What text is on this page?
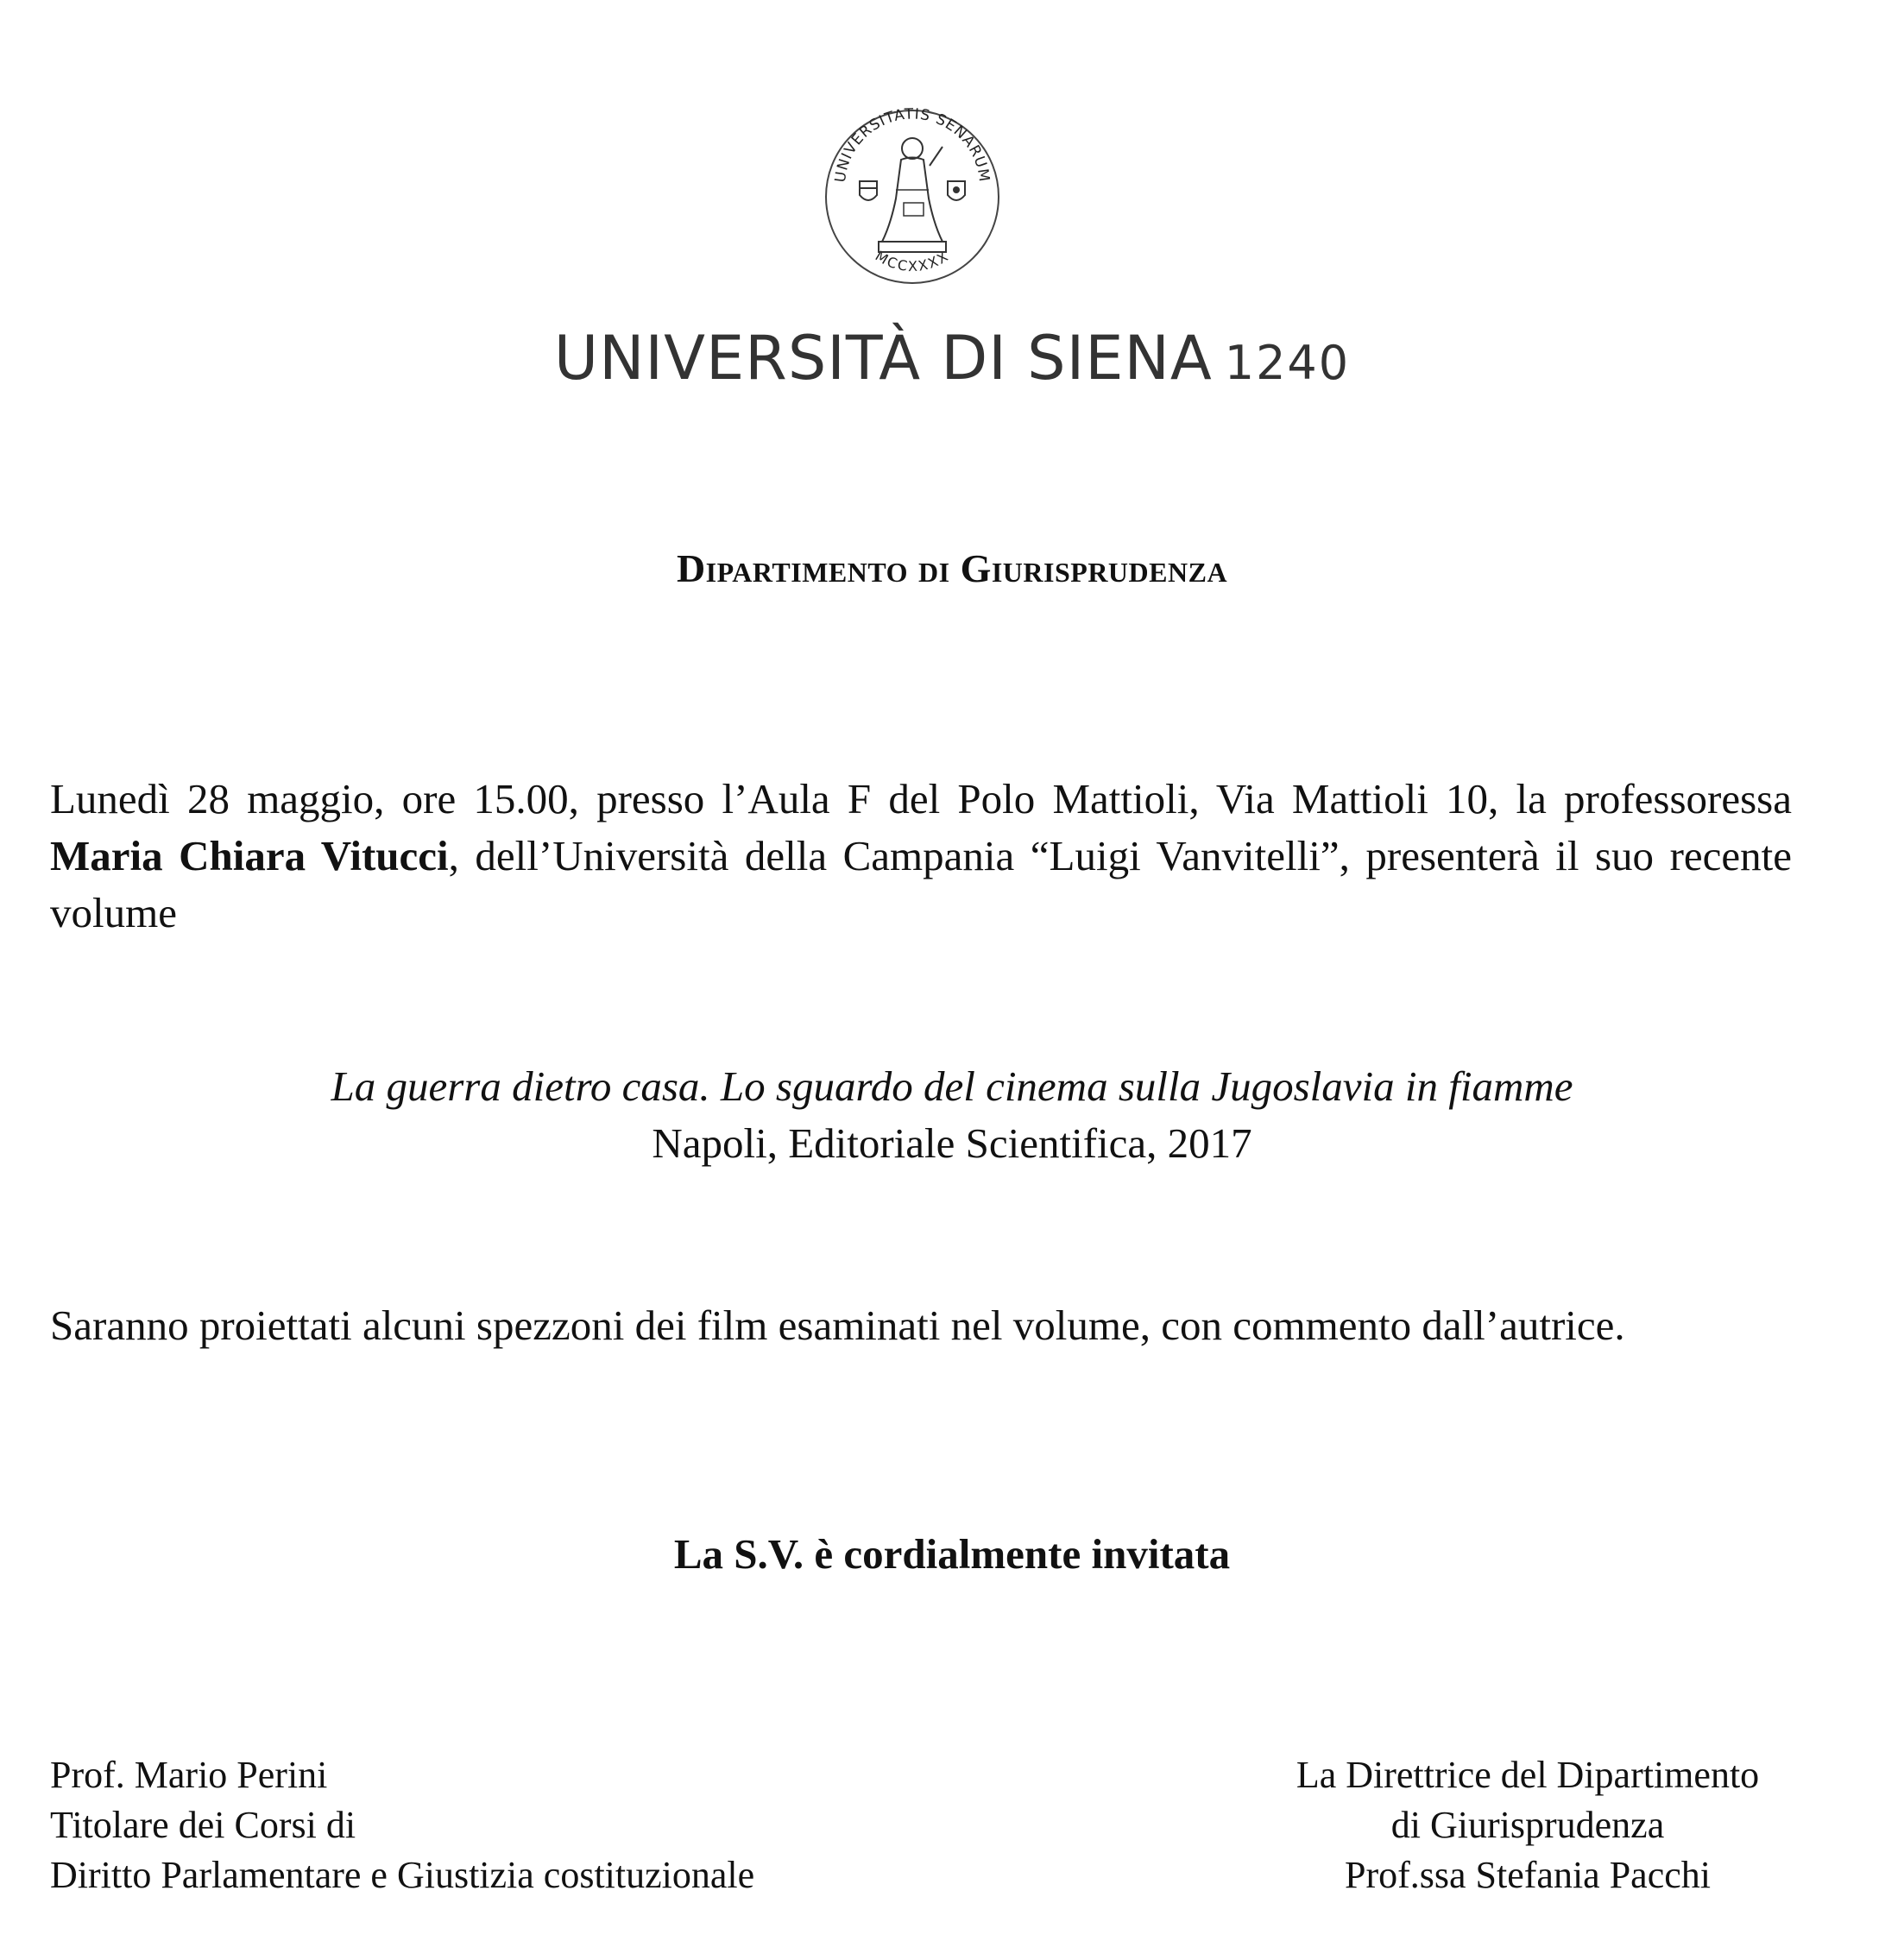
UNIVERSITATIS SENARUM
MCCXXXX
UNIVERSITÀ DI SIENA 1240
Dipartimento di Giurisprudenza
Lunedì 28 maggio, ore 15.00, presso l’Aula F del Polo Mattioli, Via Mattioli 10, la professoressa Maria Chiara Vitucci, dell’Università della Campania “Luigi Vanvitelli”, presenterà il suo recente volume
La guerra dietro casa. Lo sguardo del cinema sulla Jugoslavia in fiamme
Napoli, Editoriale Scientifica, 2017
Saranno proiettati alcuni spezzoni dei film esaminati nel volume, con commento dall’autrice.
La S.V. è cordialmente invitata
Prof. Mario Perini
Titolare dei Corsi di
Diritto Parlamentare e Giustizia costituzionale
La Direttrice del Dipartimento
di Giurisprudenza
Prof.ssa Stefania Pacchi
